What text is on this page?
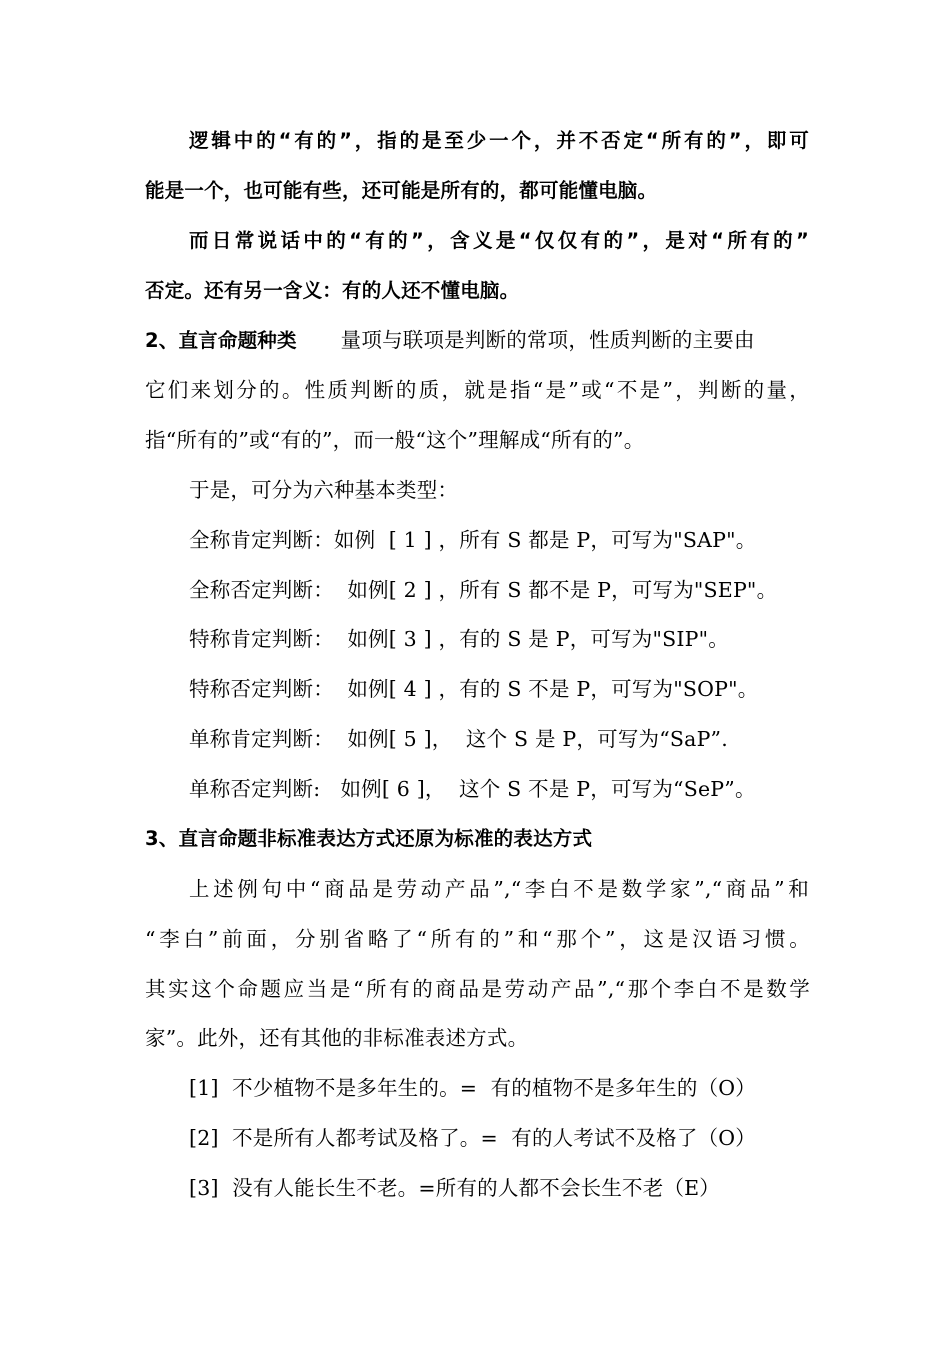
逻辑中的“有的”，指的是至少一个，并不否定“所有的”，即可
能是一个，也可能有些，还可能是所有的，都可能懂电脑。
而日常说话中的“有的”，含义是“仅仅有的”，是对“所有的”
否定。还有另一含义：有的人还不懂电脑。
2、直言命题种类 量项与联项是判断的常项，性质判断的主要由
它们来划分的。性质判断的质，就是指“是”或“不是”，判断的量，
指“所有的”或“有的”，而一般“这个”理解成“所有的”。
于是，可分为六种基本类型：
全称肯定判断：如例  [ 1 ] ，所有 S 都是 P，可写为"SAP"。
全称否定判断：  如例[ 2 ] ，所有 S 都不是 P，可写为"SEP"。
特称肯定判断：  如例[ 3 ] ，有的 S 是 P，可写为"SIP"。
特称否定判断：  如例[ 4 ] ，有的 S 不是 P，可写为"SOP"。
单称肯定判断：  如例[ 5 ]，  这个 S 是 P，可写为“SaP”.
单称否定判断:   如例[ 6 ]，  这个 S 不是 P，可写为“SeP”。
3、直言命题非标准表达方式还原为标准的表达方式
上述例句中“商品是劳动产品”,“李白不是数学家”,“商品”和
“李白”前面，分别省略了“所有的”和“那个”，这是汉语习惯。
其实这个命题应当是“所有的商品是劳动产品”,“那个李白不是数学
家”。此外，还有其他的非标准表述方式。
[1]  不少植物不是多年生的。=  有的植物不是多年生的（O）
[2]  不是所有人都考试及格了。=  有的人考试不及格了（O）
[3]  没有人能长生不老。=所有的人都不会长生不老（E）
